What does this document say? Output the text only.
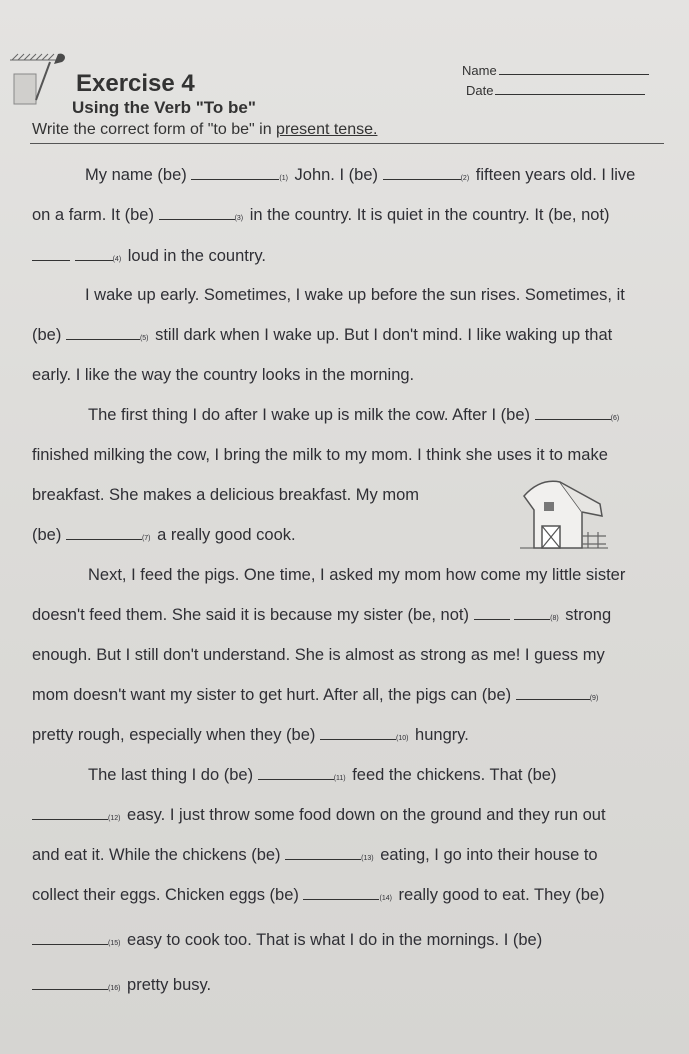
Exercise 4
Using the Verb "To be"
Name
Date
Write the correct form of "to be" in present tense.
My name (be)	(1) John. I (be)	(2) fifteen years old. I live
on a farm. It (be)	(3) in the country. It is quiet in the country. It (be, not)
(4) loud in the country.
I wake up early. Sometimes, I wake up before the sun rises. Sometimes, it
(be)	(5) still dark when I wake up. But I don't mind. I like waking up that
early. I like the way the country looks in the morning.
The first thing I do after I wake up is milk the cow. After I (be)	(6)
finished milking the cow, I bring the milk to my mom. I think she uses it to make
breakfast. She makes a delicious breakfast. My mom
(be)	(7) a really good cook.
Next, I feed the pigs. One time, I asked my mom how come my little sister
doesn't feed them. She said it is because my sister (be, not)	(8) strong
enough. But I still don't understand. She is almost as strong as me! I guess my
mom doesn't want my sister to get hurt. After all, the pigs can (be)	(9)
pretty rough, especially when they (be)	(10) hungry.
The last thing I do (be)	(11) feed the chickens. That (be)
(12) easy. I just throw some food down on the ground and they run out
and eat it. While the chickens (be)	(13) eating, I go into their house to
collect their eggs. Chicken eggs (be)	(14) really good to eat. They (be)
(15) easy to cook too. That is what I do in the mornings. I (be)
(16) pretty busy.
